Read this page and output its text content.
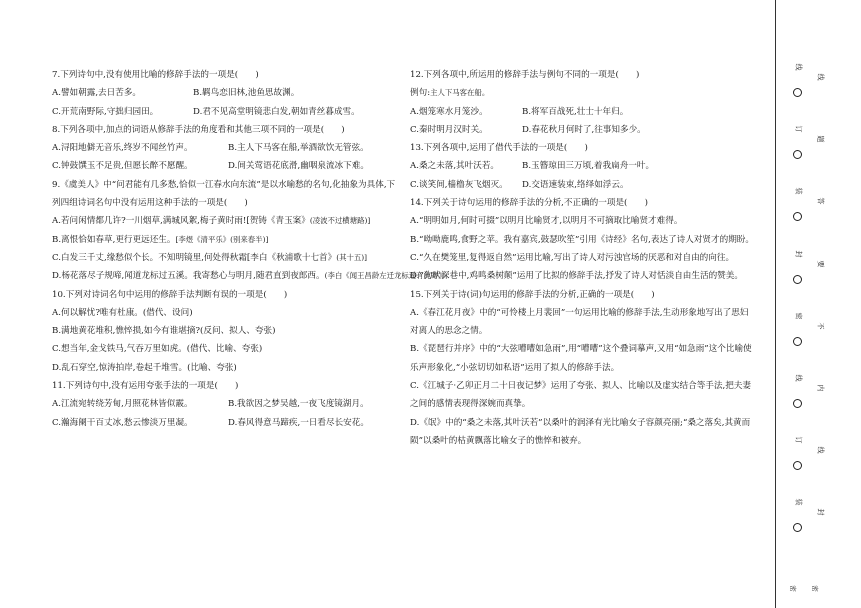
7.下列诗句中,没有使用比喻的修辞手法的一项是(　　)
A.譬如朝露,去日苦多。	B.羁鸟恋旧林,池鱼思故渊。
C.开荒南野际,守拙归园田。	D.君不见高堂明镜悲白发,朝如青丝暮成雪。
8.下列各项中,加点的词语从修辞手法的角度看和其他三项不同的一项是(　　)
A.浔阳地僻无音乐,终岁不闻丝竹声。	B.主人下马客在船,举酒欲饮无管弦。
C.钟鼓馔玉不足贵,但愿长醉不愿醒。	D.间关莺语花底滑,幽咽泉流冰下难。
9.《虞美人》中“问君能有几多愁,恰似一江春水向东流”是以水喻愁的名句,化抽象为具体,下
列四组诗词名句中没有运用这种手法的一项是(　　)
A.若问闲情都几许?一川烟草,满城风絮,梅子黄时雨![贺铸《青玉案》(凌波不过横塘路)]
B.离恨恰如春草,更行更远还生。[李煜《清平乐》(别来春半)]
C.白发三千丈,缘愁似个长。不知明镜里,何处得秋霜[李白《秋浦歌十七首》(其十五)]
D.杨花落尽子规啼,闻道龙标过五溪。我寄愁心与明月,随君直到夜郎西。(李白《闻王昌龄左迁龙标遥有此寄》)
10.下列对诗词名句中运用的修辞手法判断有误的一项是(　　)
A.何以解忧?唯有杜康。(借代、设问)
B.满地黄花堆积,憔悴损,如今有谁堪摘?(反问、拟人、夸张)
C.想当年,金戈铁马,气吞万里如虎。(借代、比喻、夸张)
D.乱石穿空,惊涛拍岸,卷起千堆雪。(比喻、夸张)
11.下列诗句中,没有运用夸张手法的一项是(　　)
A.江流宛转绕芳甸,月照花林皆似霰。	B.我欲因之梦吴越,一夜飞度镜湖月。
C.瀚海阑干百丈冰,愁云惨淡万里凝。	D.春风得意马蹄疾,一日看尽长安花。
12.下列各项中,所运用的修辞手法与例句不同的一项是(　　)
例句:主人下马客在船。
A.烟笼寒水月笼沙。	B.将军百战死,壮士十年归。
C.秦时明月汉时关。	D.春花秋月何时了,往事知多少。
13.下列各项中,运用了借代手法的一项是(　　)
A.桑之未落,其叶沃若。	B.玉簪琼田三万顷,着我扁舟一叶。
C.谈笑间,樯橹灰飞烟灭。	D.交语速装束,络绎如浮云。
14.下列关于诗句运用的修辞手法的分析,不正确的一项是(　　)
A.“明明如月,何时可掇”以明月比喻贤才,以明月不可摘取比喻贤才难得。
B.“呦呦鹿鸣,食野之苹。我有嘉宾,鼓瑟吹笙”引用《诗经》名句,表达了诗人对贤才的期盼。
C.“久在樊笼里,复得返自然”运用比喻,写出了诗人对污浊官场的厌恶和对自由的向往。
D.“狗吠深巷中,鸡鸣桑树颠”运用了比拟的修辞手法,抒发了诗人对恬淡自由生活的赞美。
15.下列关于诗(词)句运用的修辞手法的分析,正确的一项是(　　)
A.《春江花月夜》中的“可怜楼上月裴回”一句运用比喻的修辞手法,生动形象地写出了思妇
对离人的思念之情。
B.《琵琶行并序》中的“大弦嘈嘈如急雨”,用“嘈嘈”这个叠词摹声,又用“如急雨”这个比喻使
乐声形象化,“小弦切切如私语”运用了拟人的修辞手法。
C.《江城子·乙卯正月二十日夜记梦》运用了夸张、拟人、比喻以及虚实结合等手法,把夫妻
之间的感情表现得深婉而真挚。
D.《氓》中的“桑之未落,其叶沃若”以桑叶的润泽有光比喻女子容颜亮丽;“桑之落矣,其黄而
陨”以桑叶的枯黄飘落比喻女子的憔悴和被弃。
线
订
装
封
密
线
订
装
线
题
答
要
不
内
线
封
密 密
